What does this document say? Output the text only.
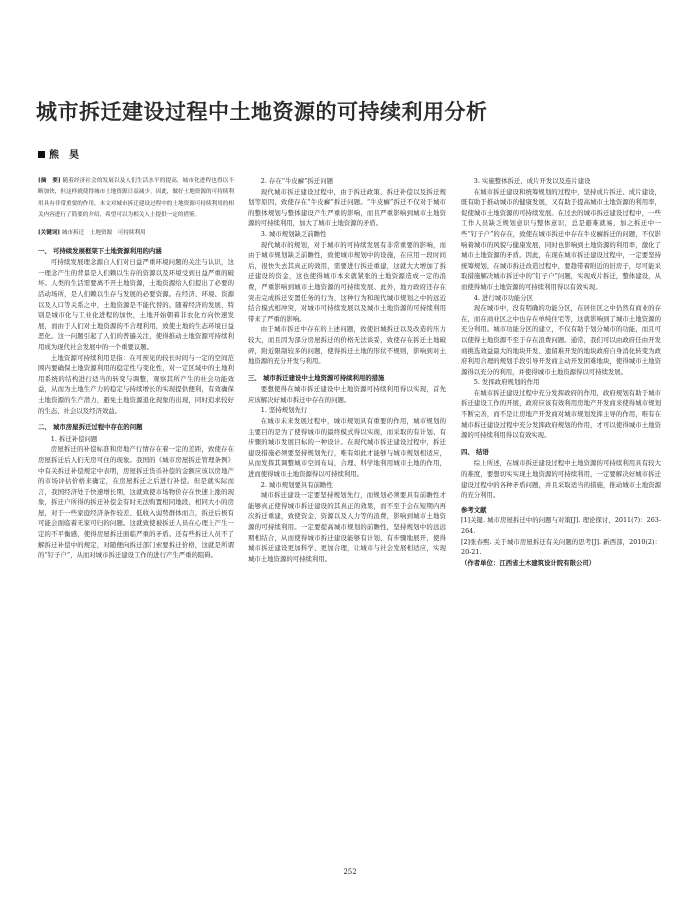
城市拆迁建设过程中土地资源的可持续利用分析
熊　昊

[摘　要] 随着经济社会的发展以及人们生活水平的提高，城市化进程也得以不断加快，但这样就使得城市土地资源日益减少。因此，做好土地资源的可持续利用具有非常重要的作用。本文对城市拆迁建设过程中的土地资源可持续利用的相关内容进行了简要的介绍，希望可以为相关人士提供一定的借鉴。

[关键词] 城市拆迁　土地资源　可持续利用

一、 可持续发展框架下土地资源利用的内涵

可持续发展理念源自人们对日益严重环境问题的关注与认识，这一理念产生的背景是人们赖以生存的资源以及环境受到日益严重的破坏。人类的生活需要离不开土地资源，土地资源给人们提出了必要的活动场所，是人们赖以生存与发展的必要资源。在经济、环境、资源以及人口等关系之中，土地资源是不能代替的。随着经济的发展，特别是城市化与工业化进程的加快，土地开始朝着非农化方向快速发展，而由于人们对土地资源的不合理利用，致使土地的生态环境日益恶化。这一问题引起了人们的普遍关注，使得推动土地资源可持续利用成为现代社会发展中的一个重要议题。

土地资源可持续利用是指：在可预见的较长时间与一定的空间范围内要确保土地资源利用的稳定性与变化性，对一定区域中的土地利用系统的结构进行适当的转变与调整，观察其所产生的社会功能效益，从而为土地生产力的稳定与持续增长的实现提供便利，有效确保土地资源的生产潜力，避免土地资源退化现象的出现，同时追求较好的生态、社会以及经济效益。

二、 城市房屋拆迁过程中存在的问题

1. 拆迁补偿问题

房屋拆迁的补偿标准和房地产行情存在着一定的差距，致使存在房屋拆迁后人们无房可住的现象。我国的《城市房屋拆迁管理条例》中有关拆迁补偿规定中表明，房屋拆迁货币补偿的金额应该以房地产的市场评估价格来确定，在房屋拆迁之后进行补偿。但是就实际而言，我国经济处于快速增长期，这就致使市场物价存在快速上涨的现象，拆迁户所得的拆迁补偿金有时无法购置相同地段、相同大小的房屋，对于一些家庭经济条件较差、低收入弱势群体而言，拆迁后极有可能会面临着无家可归的问题。这就致使被拆迁人员在心理上产生一定的不平衡感，使得房屋拆迁面临严重的矛盾。还有些拆迁人员不了解拆迁补偿中的规定，对随便向拆迁部门索要拆迁价格，这就是所谓的“钉子户”，从而对城市拆迁建设工作的进行产生严重的阻碍。

2. 存在“牛皮癣”拆迁问题

现代城市拆迁建设过程中，由于拆迁政策、拆迁补偿以及拆迁规划等原因，致使存在“牛皮癣”拆迁问题。“牛皮癣”拆迁不仅对于城市的整体规划与整体建设产生严重的影响，而且严重影响到城市土地资源的可持续利用，加大了城市土地资源的矛盾。

3. 城市规划缺乏前瞻性

现代城市的规划，对于城市的可持续发展有非常重要的影响，而由于城市规划缺乏前瞻性，致使城市规划中的设施，在应用一段时间后，很快失去其真正的效用，需要进行拆迁重建，这就大大增加了拆迁建设的资金，这也使得城市本来就紧张的土地资源造成一定的浪费，严重影响到城市土地资源的可持续发展。此外，地方政府还存在突击完成拆迁安置任务的行为，这种行为和现代城市规划之中的远近结合模式相冲突，对城市可持续发展以及城市土地资源的可持续利用带来了严重的影响。

由于城市拆迁中存在的上述问题，致使旧城拆迁以及改造的压力较大，而且因为部分房屋拆迁的价格无法谈妥，致使存在拆迁土地破碎，附近限制较多的问题，使得拆迁土地的形状不规则，影响到对土地资源的充分开发与利用。

三、 城市拆迁建设中土地资源可持续利用的措施

要想使得在城市拆迁建设中土地资源可持续利用得以实现，首先应该解决好城市拆迁中存在的问题。

1. 坚持规划先行

在城市未来发展过程中，城市规划具有重要的作用，城市规划的主要目的是为了使得城市的最终模式得以实现，而采取的有计划、有步骤的城市发展目标的一种设计。在现代城市拆迁建设过程中，拆迁建设措施必须要坚持规划先行，唯有如此才能够与城市规划相适应，从而发挥其调整城市空间布局，合理、科学地利用城市土地的作用，进而使得城市土地资源得以可持续利用。

2. 城市规划要具有前瞻性

城市拆迁建设一定要坚持规划先行，而规划必须要具有前瞻性才能够真正使得城市拆迁建设的其真正的效果，而不至于会在短期内再次拆迁重建，致使资金、资源以及人力等的浪费，影响到城市土地资源的可持续利用。一定要提高城市规划的前瞻性，坚持规划中的远远期相结合，从而使得城市拆迁建设能够有计划、有步骤地展开，使得城市拆迁建设更加科学、更加合理，让城市与社会发展相适应，实现城市土地资源的可持续利用。

3. 实施整体拆迁、成片开发以及连片建设

在城市拆迁建设和统筹规划的过程中，坚持成片拆迁、成片建设，既有助于推动城市的健康发展，又有助于提高城市土地资源的利用率，促使城市土地资源的可持续发展。在过去的城市拆迁建设过程中，一些工作人员缺乏规划意识与整体意识，总是避难就易，加之拆迁中一些“钉子户”的存在，致使在城市拆迁中存在牛皮癣拆迁的问题，不仅影响着城市的风貌与健康发展，同时也影响到土地资源的利用率，激化了城市土地资源的矛盾。因此，在现在城市拆迁建设过程中，一定要坚持统筹规划，在城市拆迁改造过程中，要趁带着附近的旧房子，尽可能采取措施解决城市拆迁中的“钉子户”问题，实现成片拆迁，整体建设，从而使得城市土地资源的可持续利用得以有效实现。

4. 进行城市功能分区

现在城市中，没有明确的功能分区，在居住区之中仍然有商业的存在，而在商业区之中也存在单纯住宅等，这就影响到了城市土地资源的充分利用。城市功能分区的建立，不仅有助于划分城市的功能，而且可以使得土地资源不至于存在浪费问题。通常，我们可以由政府任由开发商挑选效益最大的地块开发、遗留难开发的地块政府自身消化转变为政府利用合理的规划手段引导开发商主动开发困难地块，使得城市土地资源得以充分的利用，并使得城市土地资源得以可持续发展。

5. 发挥政府规划的作用

在城市拆迁建设过程中充分发挥政府的作用，政府规划有助于城市拆迁建设工作的开展，政府应该有效利用房地产开发商来使得城市规划不断完善，而不是让房地产开发商对城市规划发挥主导的作用，唯有在城市拆迁建设过程中充分发挥政府规划的作用，才可以使得城市土地资源的可持续利用得以有效实现。

四、 结语

综上所述，在城市拆迁建设过程中土地资源的可持续利用具有较大的难度，要想切实实现土地资源的可持续利用，一定要解决好城市拆迁建设过程中的各种矛盾问题，并且采取适当的措施，推动城市土地资源的充分利用。

参考文献

[1]关键. 城市房屋拆迁中的问题与对策[J]. 理论探讨，2011(7)：263-264.

[2]张春熙. 关于城市房屋拆迁有关问题的思考[J]. 新西部，2010(2)：20-21.

（作者单位：江西省土木建筑设计院有限公司）

252
